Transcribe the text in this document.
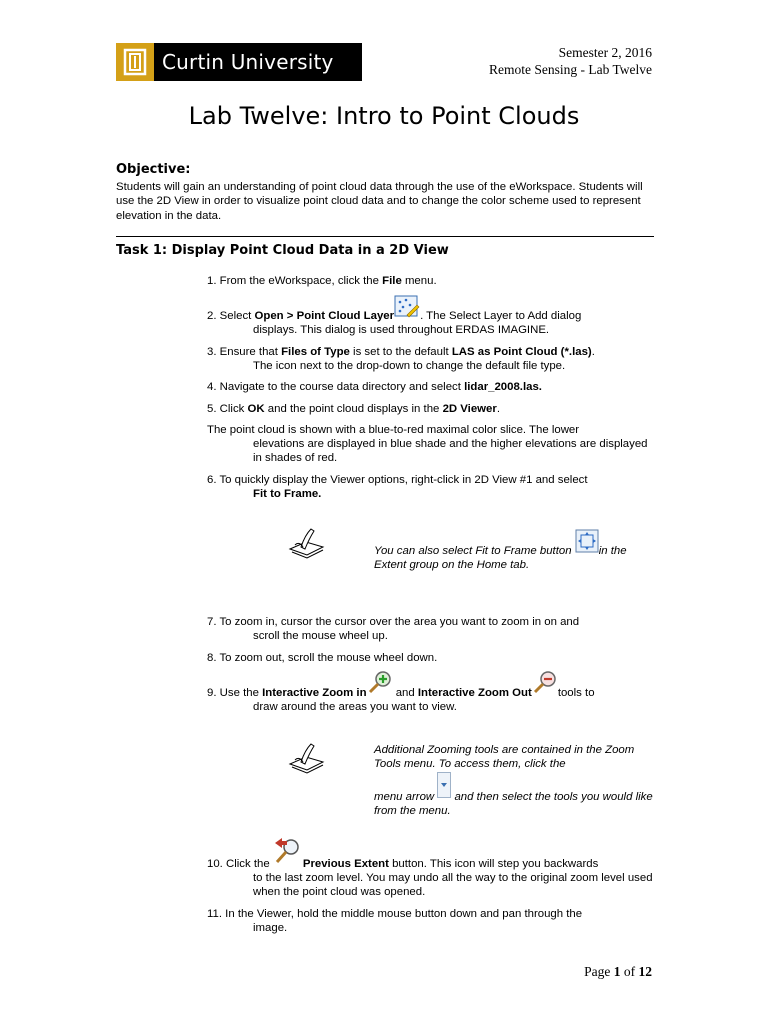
Curtin University	Semester 2, 2016
Remote Sensing - Lab Twelve
Lab Twelve: Intro to Point Clouds
Objective:
Students will gain an understanding of point cloud data through the use of the eWorkspace. Students will use the 2D View in order to visualize point cloud data and to change the color scheme used to represent elevation in the data.
Task 1: Display Point Cloud Data in a 2D View
1. From the eWorkspace, click the File menu.
2. Select Open > Point Cloud Layer . The Select Layer to Add dialog
displays. This dialog is used throughout ERDAS IMAGINE.
3. Ensure that Files of Type is set to the default LAS as Point Cloud (*.las).
The icon next to the drop-down to change the default file type.
4. Navigate to the course data directory and select lidar_2008.las.
5. Click OK and the point cloud displays in the 2D Viewer.
The point cloud is shown with a blue-to-red maximal color slice. The lower
elevations are displayed in blue shade and the higher elevations are displayed in shades of red.
6. To quickly display the Viewer options, right-click in 2D View #1 and select
Fit to Frame.
You can also select Fit to Frame button in the Extent group on the Home tab.
7. To zoom in, cursor the cursor over the area you want to zoom in on and
scroll the mouse wheel up.
8. To zoom out, scroll the mouse wheel down.
9. Use the Interactive Zoom in and Interactive Zoom Out tools to
draw around the areas you want to view.
Additional Zooming tools are contained in the Zoom Tools menu. To access them, click the
menu arrow  and then select the tools you would like from the menu.
10. Click the	Previous Extent button. This icon will step you backwards
to the last zoom level. You may undo all the way to the original zoom level used when the point cloud was opened.
11. In the Viewer, hold the middle mouse button down and pan through the
image.
Page 1 of 12
